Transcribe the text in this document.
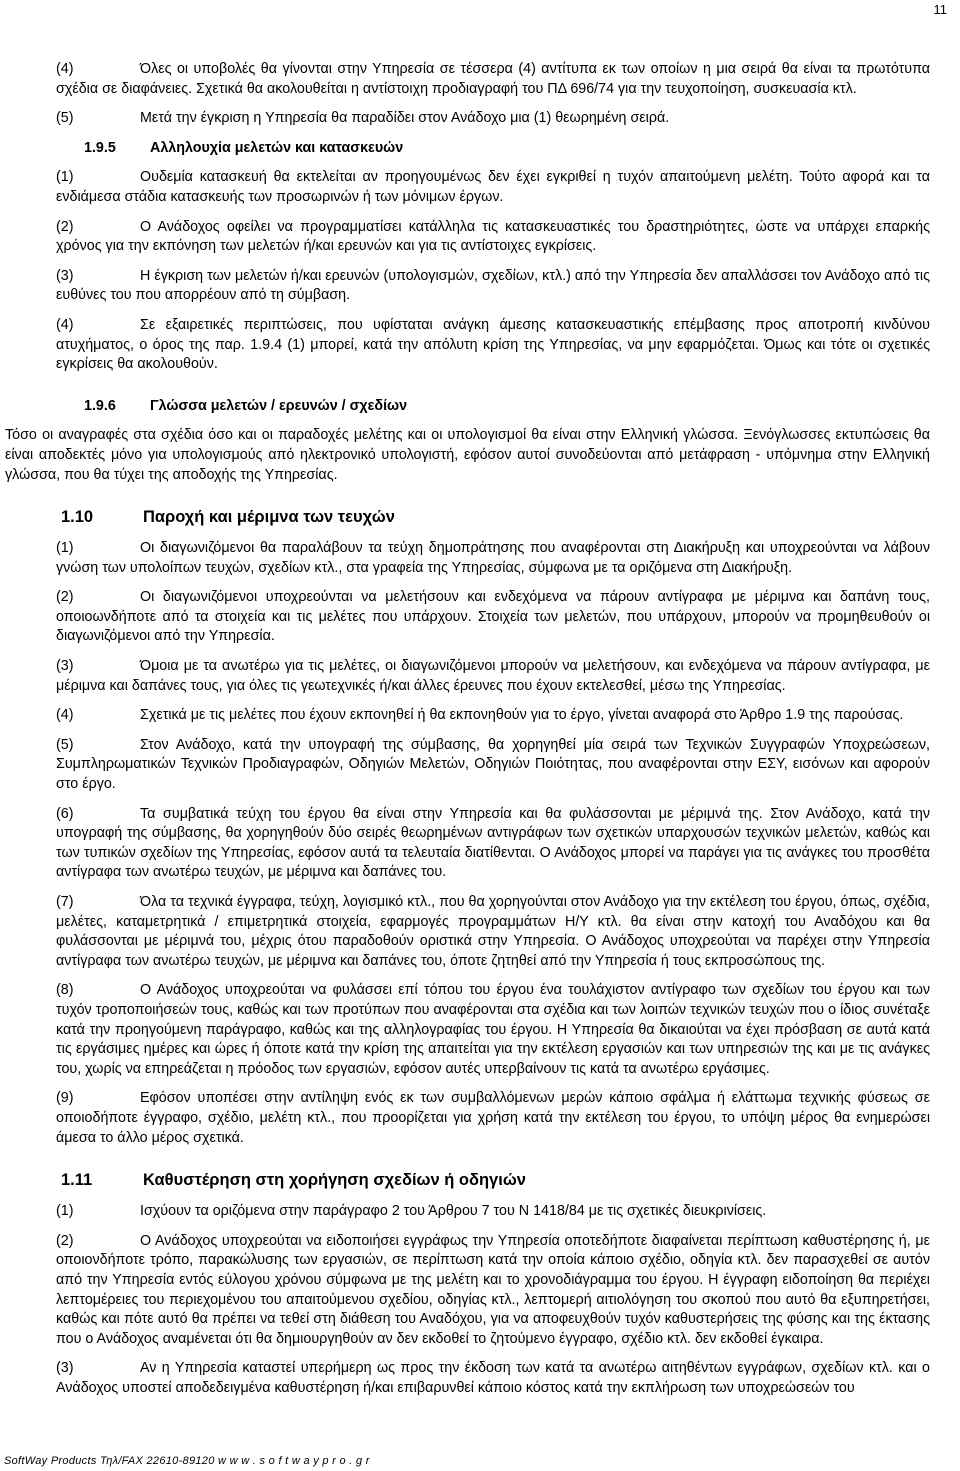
11

(4)	Όλες οι υποβολές θα γίνονται στην Υπηρεσία σε τέσσερα (4) αντίτυπα εκ των οποίων η μια σειρά θα είναι τα πρωτότυπα σχέδια σε διαφάνειες. Σχετικά θα ακολουθείται η αντίστοιχη προδιαγραφή του ΠΔ 696/74 για την τευχοποίηση, συσκευασία κτλ.

(5)	Μετά την έγκριση η Υπηρεσία θα παραδίδει στον Ανάδοχο μια (1) θεωρημένη σειρά.

1.9.5 Αλληλουχία μελετών και κατασκευών

(1)	Ουδεμία κατασκευή θα εκτελείται αν προηγουμένως δεν έχει εγκριθεί η τυχόν απαιτούμενη μελέτη. Τούτο αφορά και τα ενδιάμεσα στάδια κατασκευής των προσωρινών ή των μόνιμων έργων.

(2)	Ο Ανάδοχος οφείλει να προγραμματίσει κατάλληλα τις κατασκευαστικές του δραστηριότητες, ώστε να υπάρχει επαρκής χρόνος για την εκπόνηση των μελετών ή/και ερευνών και για τις αντίστοιχες εγκρίσεις.

(3)	Η έγκριση των μελετών ή/και ερευνών (υπολογισμών, σχεδίων, κτλ.) από την Υπηρεσία δεν απαλλάσσει τον Ανάδοχο από τις ευθύνες του που απορρέουν από τη σύμβαση.

(4)	Σε εξαιρετικές περιπτώσεις, που υφίσταται ανάγκη άμεσης κατασκευαστικής επέμβασης προς αποτροπή κινδύνου ατυχήματος, ο όρος της παρ. 1.9.4 (1) μπορεί, κατά την απόλυτη κρίση της Υπηρεσίας, να μην εφαρμόζεται. Όμως και τότε οι σχετικές εγκρίσεις θα ακολουθούν.

1.9.6 Γλώσσα μελετών / ερευνών / σχεδίων

Τόσο οι αναγραφές στα σχέδια όσο και οι παραδοχές μελέτης και οι υπολογισμοί θα είναι στην Ελληνική γλώσσα. Ξενόγλωσσες εκτυπώσεις θα είναι αποδεκτές μόνο για υπολογισμούς από ηλεκτρονικό υπολογιστή, εφόσον αυτοί συνοδεύονται από μετάφραση - υπόμνημα στην Ελληνική γλώσσα, που θα τύχει της αποδοχής της Υπηρεσίας.

1.10	Παροχή και μέριμνα των τευχών

(1)	Οι διαγωνιζόμενοι θα παραλάβουν τα τεύχη δημοπράτησης που αναφέρονται στη Διακήρυξη και υποχρεούνται να λάβουν γνώση των υπολοίπων τευχών, σχεδίων κτλ., στα γραφεία της Υπηρεσίας, σύμφωνα με τα οριζόμενα στη Διακήρυξη.

(2)	Οι διαγωνιζόμενοι υποχρεούνται να μελετήσουν και ενδεχόμενα να πάρουν αντίγραφα με μέριμνα και δαπάνη τους, οποιοωνδήποτε από τα στοιχεία και τις μελέτες που υπάρχουν. Στοιχεία των μελετών, που υπάρχουν, μπορούν να προμηθευθούν οι διαγωνιζόμενοι από την Υπηρεσία.

(3)	Όμοια με τα ανωτέρω για τις μελέτες, οι διαγωνιζόμενοι μπορούν να μελετήσουν, και ενδεχόμενα να πάρουν αντίγραφα, με μέριμνα και δαπάνες τους, για όλες τις γεωτεχνικές ή/και άλλες έρευνες που έχουν εκτελεσθεί, μέσω της Υπηρεσίας.

(4)	Σχετικά με τις μελέτες που έχουν εκπονηθεί ή θα εκπονηθούν για το έργο, γίνεται αναφορά στο Άρθρο 1.9 της παρούσας.

(5)	Στον Ανάδοχο, κατά την υπογραφή της σύμβασης, θα χορηγηθεί μία σειρά των Τεχνικών Συγγραφών Υποχρεώσεων, Συμπληρωματικών Τεχνικών Προδιαγραφών, Οδηγιών Μελετών, Οδηγιών Ποιότητας, που αναφέρονται στην ΕΣΥ, εισόνων και αφορούν στο έργο.

(6)	Τα συμβατικά τεύχη του έργου θα είναι στην Υπηρεσία και θα φυλάσσονται με μέριμνά της. Στον Ανάδοχο, κατά την υπογραφή της σύμβασης, θα χορηγηθούν δύο σειρές θεωρημένων αντιγράφων των σχετικών υπαρχουσών τεχνικών μελετών, καθώς και των τυπικών σχεδίων της Υπηρεσίας, εφόσον αυτά τα τελευταία διατίθενται. Ο Ανάδοχος μπορεί να παράγει για τις ανάγκες του προσθέτα αντίγραφα των ανωτέρω τευχών, με μέριμνα και δαπάνες του.

(7)	Όλα τα τεχνικά έγγραφα, τεύχη, λογισμικό κτλ., που θα χορηγούνται στον Ανάδοχο για την εκτέλεση του έργου, όπως, σχέδια, μελέτες, καταμετρητικά / επιμετρητικά στοιχεία, εφαρμογές προγραμμάτων Η/Υ κτλ. θα είναι στην κατοχή του Αναδόχου και θα φυλάσσονται με μέριμνά του, μέχρις ότου παραδοθούν οριστικά στην Υπηρεσία. Ο Ανάδοχος υποχρεούται να παρέχει στην Υπηρεσία αντίγραφα των ανωτέρω τευχών, με μέριμνα και δαπάνες του, όποτε ζητηθεί από την Υπηρεσία ή τους εκπροσώπους της.

(8)	Ο Ανάδοχος υποχρεούται να φυλάσσει επί τόπου του έργου ένα τουλάχιστον αντίγραφο των σχεδίων του έργου και των τυχόν τροποποιήσεών τους, καθώς και των προτύπων που αναφέρονται στα σχέδια και των λοιπών τεχνικών τευχών που ο ίδιος συνέταξε κατά την προηγούμενη παράγραφο, καθώς και της αλληλογραφίας του έργου. Η Υπηρεσία θα δικαιούται να έχει πρόσβαση σε αυτά κατά τις εργάσιμες ημέρες και ώρες ή όποτε κατά την κρίση της απαιτείται για την εκτέλεση εργασιών και των υπηρεσιών της και με τις ανάγκες του, χωρίς να επηρεάζεται η πρόοδος των εργασιών, εφόσον αυτές υπερβαίνουν τις κατά τα ανωτέρω εργάσιμες.

(9)	Εφόσον υποπέσει στην αντίληψη ενός εκ των συμβαλλόμενων μερών κάποιο σφάλμα ή ελάττωμα τεχνικής φύσεως σε οποιοδήποτε έγγραφο, σχέδιο, μελέτη κτλ., που προορίζεται για χρήση κατά την εκτέλεση του έργου, το υπόψη μέρος θα ενημερώσει άμεσα το άλλο μέρος σχετικά.

1.11	Καθυστέρηση στη χορήγηση σχεδίων ή οδηγιών

(1)	Ισχύουν τα οριζόμενα στην παράγραφο 2 του Άρθρου 7 του Ν 1418/84 με τις σχετικές διευκρινίσεις.

(2)	Ο Ανάδοχος υποχρεούται να ειδοποιήσει εγγράφως την Υπηρεσία οποτεδήποτε διαφαίνεται περίπτωση καθυστέρησης ή, με οποιονδήποτε τρόπο, παρακώλυσης των εργασιών, σε περίπτωση κατά την οποία κάποιο σχέδιο, οδηγία κτλ. δεν παρασχεθεί σε αυτόν από την Υπηρεσία εντός εύλογου χρόνου σύμφωνα με της μελέτη και το χρονοδιάγραμμα του έργου. Η έγγραφη ειδοποίηση θα περιέχει λεπτομέρειες του περιεχομένου του απαιτούμενου σχεδίου, οδηγίας κτλ., λεπτομερή αιτιολόγηση του σκοπού που αυτό θα εξυπηρετήσει, καθώς και πότε αυτό θα πρέπει να τεθεί στη διάθεση του Αναδόχου, για να αποφευχθούν τυχόν καθυστερήσεις της φύσης και της έκτασης που ο Ανάδοχος αναμένεται ότι θα δημιουργηθούν αν δεν εκδοθεί το ζητούμενο έγγραφο, σχέδιο κτλ. δεν εκδοθεί έγκαιρα.

(3)	Αν η Υπηρεσία καταστεί υπερήμερη ως προς την έκδοση των κατά τα ανωτέρω αιτηθέντων εγγράφων, σχεδίων κτλ. και ο Ανάδοχος υποστεί αποδεδειγμένα καθυστέρηση ή/και επιβαρυνθεί κάποιο κόστος κατά την εκπλήρωση των υποχρεώσεών του

SoftWay Products Τηλ/FAX 22610-89120 w w w . s o f t w a y p r o . g r
